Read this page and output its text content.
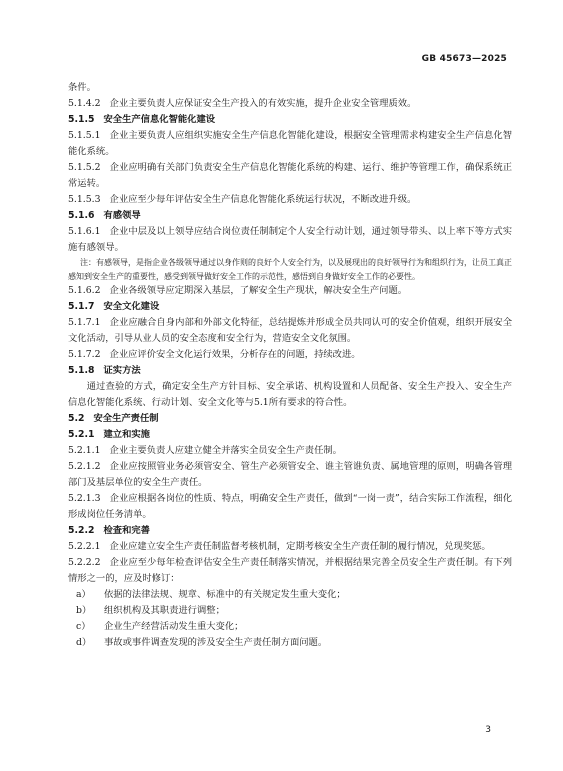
GB 45673—2025

条件。

5.1.4.2 企业主要负责人应保证安全生产投入的有效实施，提升企业安全管理质效。

5.1.5 安全生产信息化智能化建设

5.1.5.1 企业主要负责人应组织实施安全生产信息化智能化建设，根据安全管理需求构建安全生产信息化智能化系统。

5.1.5.2 企业应明确有关部门负责安全生产信息化智能化系统的构建、运行、维护等管理工作，确保系统正常运转。

5.1.5.3 企业应至少每年评估安全生产信息化智能化系统运行状况，不断改进升级。

5.1.6 有感领导

5.1.6.1 企业中层及以上领导应结合岗位责任制制定个人安全行动计划，通过领导带头、以上率下等方式实施有感领导。

注：有感领导，是指企业各级领导通过以身作则的良好个人安全行为，以及展现出的良好领导行为和组织行为，让员工真正感知到安全生产的重要性，感受到领导做好安全工作的示范性，感悟到自身做好安全工作的必要性。

5.1.6.2 企业各级领导应定期深入基层，了解安全生产现状，解决安全生产问题。

5.1.7 安全文化建设

5.1.7.1 企业应融合自身内部和外部文化特征，总结提炼并形成全员共同认可的安全价值观，组织开展安全文化活动，引导从业人员的安全态度和安全行为，营造安全文化氛围。

5.1.7.2 企业应评价安全文化运行效果，分析存在的问题，持续改进。

5.1.8 证实方法

通过查验的方式，确定安全生产方针目标、安全承诺、机构设置和人员配备、安全生产投入、安全生产信息化智能化系统、行动计划、安全文化等与5.1所有要求的符合性。

5.2 安全生产责任制

5.2.1 建立和实施

5.2.1.1 企业主要负责人应建立健全并落实全员安全生产责任制。

5.2.1.2 企业应按照管业务必须管安全、管生产必须管安全、谁主管谁负责、属地管理的原则，明确各管理部门及基层单位的安全生产责任。

5.2.1.3 企业应根据各岗位的性质、特点，明确安全生产责任，做到“一岗一责”，结合实际工作流程，细化形成岗位任务清单。

5.2.2 检查和完善

5.2.2.1 企业应建立安全生产责任制监督考核机制，定期考核安全生产责任制的履行情况，兑现奖惩。

5.2.2.2 企业应至少每年检查评估安全生产责任制落实情况，并根据结果完善全员安全生产责任制。有下列情形之一的，应及时修订：

a） 依据的法律法规、规章、标准中的有关规定发生重大变化；

b） 组织机构及其职责进行调整；

c） 企业生产经营活动发生重大变化；

d） 事故或事件调查发现的涉及安全生产责任制方面问题。

3
